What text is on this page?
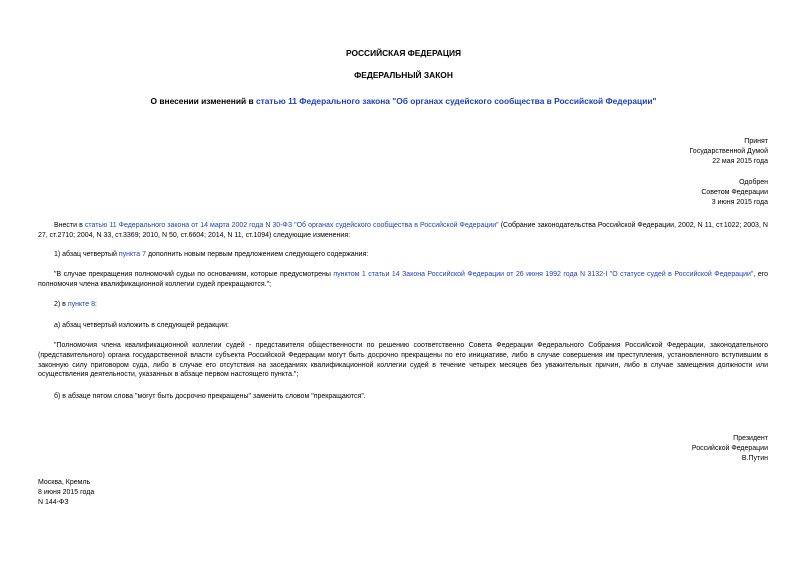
РОССИЙСКАЯ ФЕДЕРАЦИЯ
ФЕДЕРАЛЬНЫЙ ЗАКОН
О внесении изменений в статью 11 Федерального закона "Об органах судейского сообщества в Российской Федерации"
Принят
Государственной Думой
22 мая 2015 года
Одобрен
Советом Федерации
3 июня 2015 года
Внести в статью 11 Федерального закона от 14 марта 2002 года N 30-ФЗ "Об органах судейского сообщества в Российской Федерации" (Собрание законодательства Российской Федерации, 2002, N 11, ст.1022; 2003, N 27, ст.2710; 2004, N 33, ст.3369; 2010, N 50, ст.6604; 2014, N 11, ст.1094) следующие изменения:
1) абзац четвертый пункта 7 дополнить новым первым предложением следующего содержания:
"В случае прекращения полномочий судьи по основаниям, которые предусмотрены пунктом 1 статьи 14 Закона Российской Федерации от 26 июня 1992 года N 3132-I "О статусе судей в Российской Федерации", его полномочия члена квалификационной коллегии судей прекращаются.";
2) в пункте 8:
а) абзац четвертый изложить в следующей редакции:
"Полномочия члена квалификационной коллегии судей - представителя общественности по решению соответственно Совета Федерации Федерального Собрания Российской Федерации, законодательного (представительного) органа государственной власти субъекта Российской Федерации могут быть досрочно прекращены по его инициативе, либо в случае совершения им преступления, установленного вступившим в законную силу приговором суда, либо в случае его отсутствия на заседаниях квалификационной коллегии судей в течение четырех месяцев без уважительных причин, либо в случае замещения должности или осуществления деятельности, указанных в абзаце первом настоящего пункта.";
б) в абзаце пятом слова "могут быть досрочно прекращены" заменить словом "прекращаются".
Президент
Российской Федерации
В.Путин
Москва, Кремль
8 июня 2015 года
N 144-ФЗ
